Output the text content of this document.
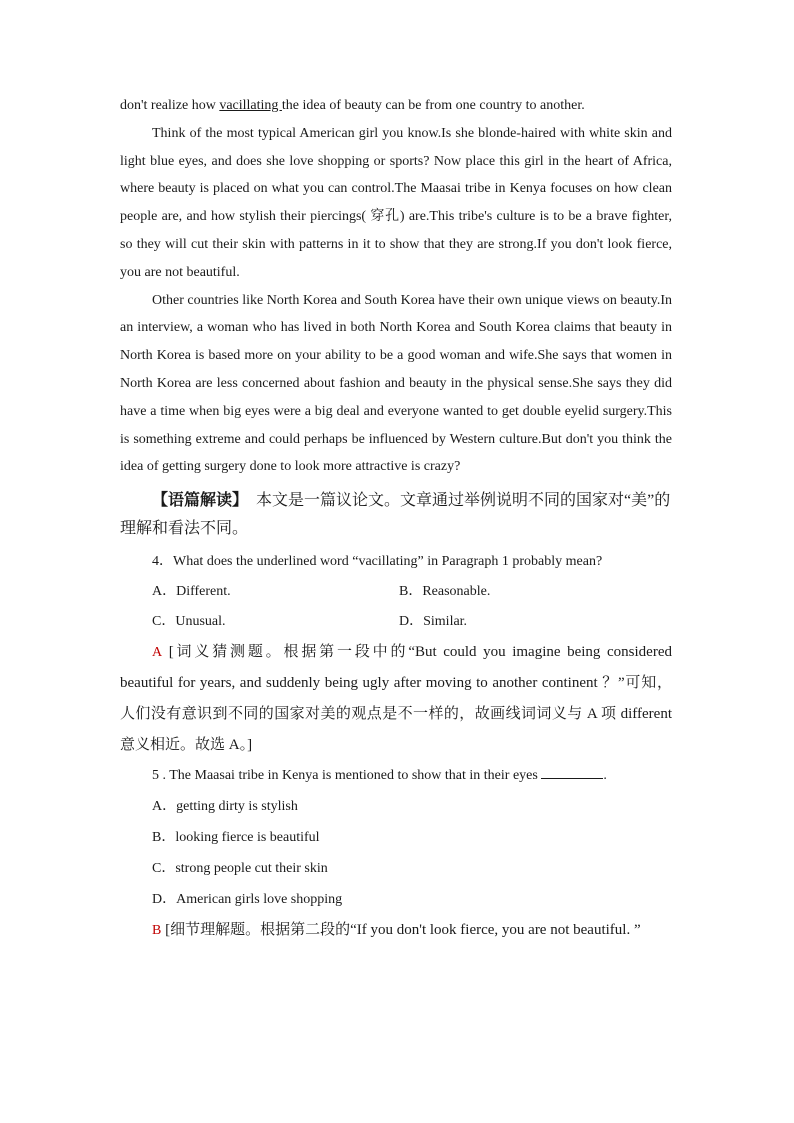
don't realize how vacillating the idea of beauty can be from one country to another.

Think of the most typical American girl you know.Is she blonde-haired with white skin and light blue eyes, and does she love shopping or sports? Now place this girl in the heart of Africa, where beauty is placed on what you can control.The Maasai tribe in Kenya focuses on how clean people are, and how stylish their piercings( 穿孔) are.This tribe's culture is to be a brave fighter, so they will cut their skin with patterns in it to show that they are strong.If you don't look fierce, you are not beautiful.

Other countries like North Korea and South Korea have their own unique views on beauty.In an interview, a woman who has lived in both North Korea and South Korea claims that beauty in North Korea is based more on your ability to be a good woman and wife.She says that women in North Korea are less concerned about fashion and beauty in the physical sense.She says they did have a time when big eyes were a big deal and everyone wanted to get double eyelid surgery.This is something extreme and could perhaps be influenced by Western culture.But don't you think the idea of getting surgery done to look more attractive is crazy?

【语篇解读】　本文是一篇议论文。文章通过举例说明不同的国家对“美”的理解和看法不同。

4．What does the underlined word “vacillating” in Paragraph 1 probably mean?

A．Different.	B．Reasonable.
C．Unusual.	D．Similar.

A [词义猜测题。根据第一段中的“But could you imagine being considered beautiful for years, and suddenly being ugly after moving to another continent ？”可知，人们没有意识到不同的国家对美的观点是不一样的，故画线词词义与 A 项 different 意义相近。故选 A。]

5 . The Maasai tribe in Kenya is mentioned to show that in their eyes	.

A．getting dirty is stylish

B．looking fierce is beautiful

C．strong people cut their skin

D．American girls love shopping

B [细节理解题。根据第二段的“If you don't look fierce, you are not beautiful. ”
